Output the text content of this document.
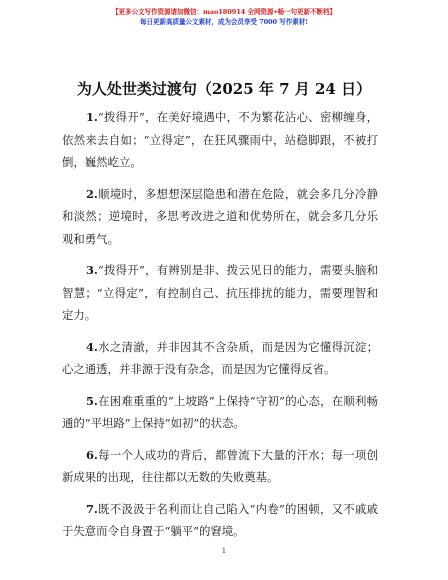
【更多公文写作资源请加微信：mao180914 全网资源•畅一句更新不断档】
每日更新高质量公文素材，成为会员享受 7000 写作素材!
为人处世类过渡句（2025 年 7 月 24 日）

1.“拨得开”，在美好境遇中，不为繁花沾心、密柳缠身，依然来去自如；“立得定”，在狂风骤雨中，站稳脚跟，不被打倒，巍然屹立。

2.顺境时，多想想深层隐患和潜在危险，就会多几分冷静和淡然；逆境时，多思考改进之道和优势所在，就会多几分乐观和勇气。

3.“拨得开”，有辨别是非、拨云见日的能力，需要头脑和智慧；“立得定”，有控制自己、抗压排扰的能力，需要理智和定力。

4.水之清澈，并非因其不含杂质，而是因为它懂得沉淀；心之通透，并非源于没有杂念，而是因为它懂得反省。

5.在困难重重的“上坡路”上保持“守初”的心态，在顺利畅通的“平坦路”上保持“如初”的状态。

6.每一个人成功的背后，都曾流下大量的汗水；每一项创新成果的出现，往往都以无数的失败奠基。

7.既不汲汲于名利而让自己陷入“内卷”的困顿，又不戚戚于失意而令自身置于“躺平”的窘境。

1
